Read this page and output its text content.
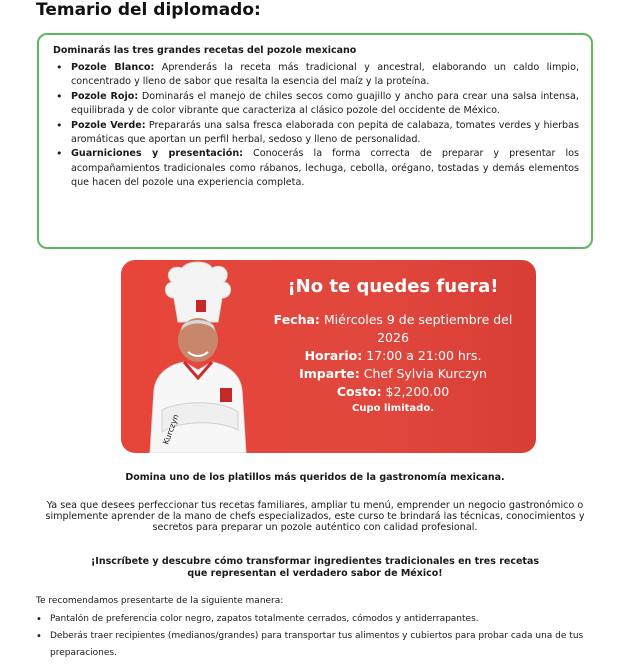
Temario del diplomado:
Dominarás las tres grandes recetas del pozole mexicano
• Pozole Blanco: Aprenderás la receta más tradicional y ancestral, elaborando un caldo limpio, concentrado y lleno de sabor que resalta la esencia del maíz y la proteína.
• Pozole Rojo: Dominarás el manejo de chiles secos como guajillo y ancho para crear una salsa intensa, equilibrada y de color vibrante que caracteriza al clásico pozole del occidente de México.
• Pozole Verde: Prepararás una salsa fresca elaborada con pepita de calabaza, tomates verdes y hierbas aromáticas que aportan un perfil herbal, sedoso y lleno de personalidad.
• Guarniciones y presentación: Conocerás la forma correcta de preparar y presentar los acompañamientos tradicionales como rábanos, lechuga, cebolla, orégano, tostadas y demás elementos que hacen del pozole una experiencia completa.
Kurczyn
¡No te quedes fuera!
Fecha: Miércoles 9 de septiembre del 2026
Horario: 17:00 a 21:00 hrs.
Imparte: Chef Sylvia Kurczyn
Costo: $2,200.00
Cupo limitado.
Domina uno de los platillos más queridos de la gastronomía mexicana.
Ya sea que desees perfeccionar tus recetas familiares, ampliar tu menú, emprender un negocio gastronómico o simplemente aprender de la mano de chefs especializados, este curso te brindará las técnicas, conocimientos y secretos para preparar un pozole auténtico con calidad profesional.
¡Inscríbete y descubre cómo transformar ingredientes tradicionales en tres recetas que representan el verdadero sabor de México!
Te recomendamos presentarte de la siguiente manera:
• Pantalón de preferencia color negro, zapatos totalmente cerrados, cómodos y antiderrapantes.
• Deberás traer recipientes (medianos/grandes) para transportar tus alimentos y cubiertos para probar cada una de tus preparaciones.
